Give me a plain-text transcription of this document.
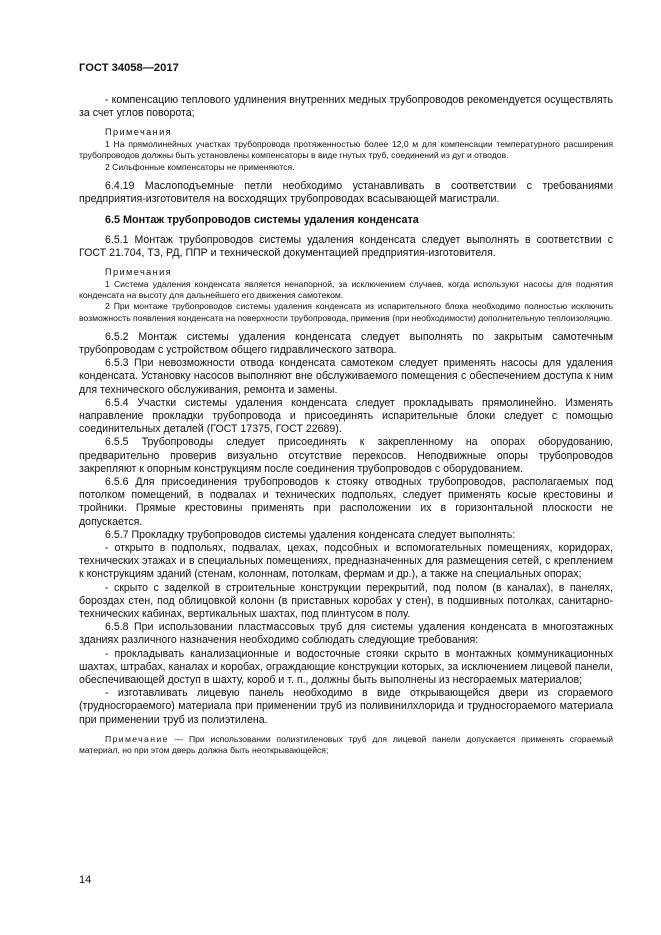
ГОСТ 34058—2017

- компенсацию теплового удлинения внутренних медных трубопроводов рекомендуется осуществлять за счет углов поворота;

Примечания

1 На прямолинейных участках трубопровода протяженностью более 12,0 м для компенсации температурного расширения трубопроводов должны быть установлены компенсаторы в виде гнутых труб, соединений из дуг и отводов.

2 Сильфонные компенсаторы не применяются.

6.4.19 Маслоподъемные петли необходимо устанавливать в соответствии с требованиями предприятия-изготовителя на восходящих трубопроводах всасывающей магистрали.

6.5 Монтаж трубопроводов системы удаления конденсата

6.5.1 Монтаж трубопроводов системы удаления конденсата следует выполнять в соответствии с ГОСТ 21.704, ТЗ, РД, ППР и технической документацией предприятия-изготовителя.

Примечания

1 Система удаления конденсата является ненапорной, за исключением случаев, когда используют насосы для поднятия конденсата на высоту для дальнейшего его движения самотеком.

2 При монтаже трубопроводов системы удаления конденсата из испарительного блока необходимо полностью исключить возможность появления конденсата на поверхности трубопровода, применив (при необходимости) дополнительную теплоизоляцию.

6.5.2 Монтаж системы удаления конденсата следует выполнять по закрытым самотечным трубопроводам с устройством общего гидравлического затвора.

6.5.3 При невозможности отвода конденсата самотеком следует применять насосы для удаления конденсата. Установку насосов выполняют вне обслуживаемого помещения с обеспечением доступа к ним для технического обслуживания, ремонта и замены.

6.5.4 Участки системы удаления конденсата следует прокладывать прямолинейно. Изменять направление прокладки трубопровода и присоединять испарительные блоки следует с помощью соединительных деталей (ГОСТ 17375, ГОСТ 22689).

6.5.5 Трубопроводы следует присоединять к закрепленному на опорах оборудованию, предварительно проверив визуально отсутствие перекосов. Неподвижные опоры трубопроводов закрепляют к опорным конструкциям после соединения трубопроводов с оборудованием.

6.5.6 Для присоединения трубопроводов к стояку отводных трубопроводов, располагаемых под потолком помещений, в подвалах и технических подпольях, следует применять косые крестовины и тройники. Прямые крестовины применять при расположении их в горизонтальной плоскости не допускается.

6.5.7 Прокладку трубопроводов системы удаления конденсата следует выполнять:

- открыто в подпольях, подвалах, цехах, подсобных и вспомогательных помещениях, коридорах, технических этажах и в специальных помещениях, предназначенных для размещения сетей, с креплением к конструкциям зданий (стенам, колоннам, потолкам, фермам и др.), а также на специальных опорах;

- скрыто с заделкой в строительные конструкции перекрытий, под полом (в каналах), в панелях, бороздах стен, под облицовкой колонн (в приставных коробах у стен), в подшивных потолках, санитарно-технических кабинах, вертикальных шахтах, под плинтусом в полу.

6.5.8 При использовании пластмассовых труб для системы удаления конденсата в многоэтажных зданиях различного назначения необходимо соблюдать следующие требования:

- прокладывать канализационные и водосточные стояки скрыто в монтажных коммуникационных шахтах, штрабах, каналах и коробах, ограждающие конструкции которых, за исключением лицевой панели, обеспечивающей доступ в шахту, короб и т. п., должны быть выполнены из несгораемых материалов;

- изготавливать лицевую панель необходимо в виде открывающейся двери из сгораемого (трудносгораемого) материала при применении труб из поливинилхлорида и трудносгораемого материала при применении труб из полиэтилена.

Примечание — При использовании полиэтиленовых труб для лицевой панели допускается применять сгораемый материал, но при этом дверь должна быть неоткрывающейся;

14
